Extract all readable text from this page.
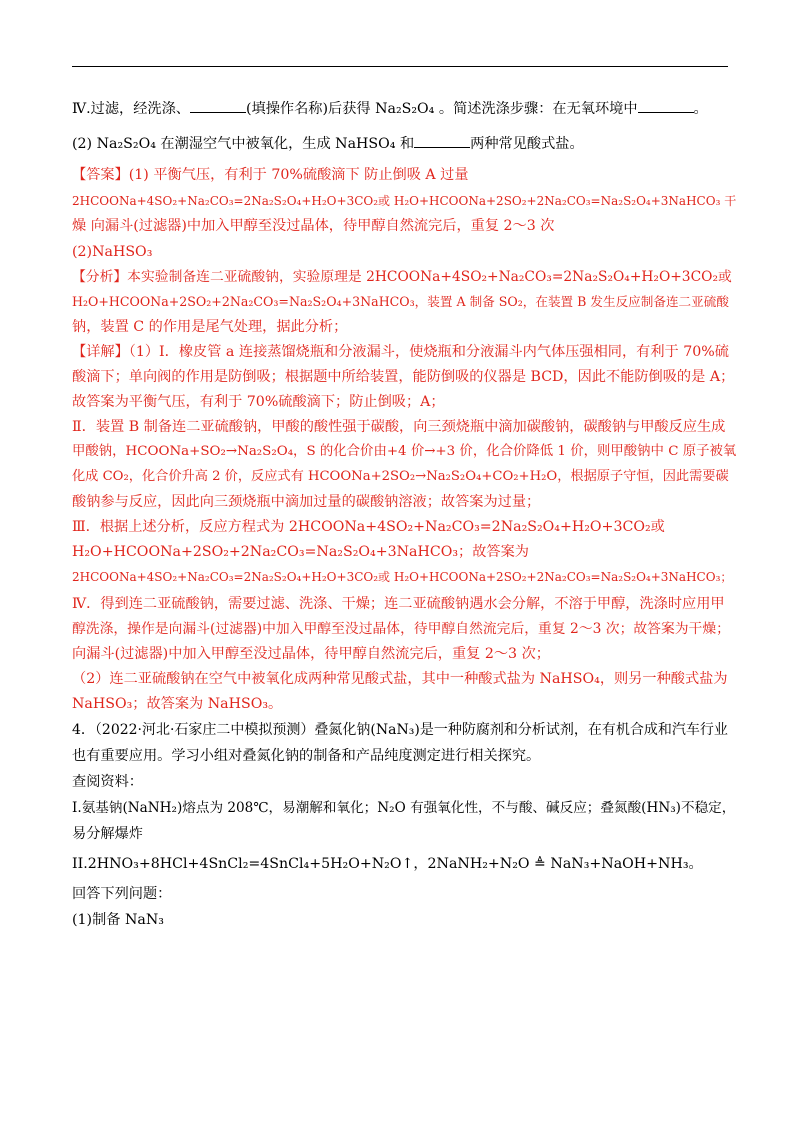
Ⅳ.过滤，经洗涤、	(填操作名称)后获得 Na₂S₂O₄ 。简述洗涤步骤：在无氧环境中	。
(2) Na₂S₂O₄ 在潮湿空气中被氧化，生成 NaHSO₄ 和	两种常见酸式盐。
【答案】(1) 平衡气压，有利于 70%硫酸滴下 防止倒吸 A 过量
2HCOONa+4SO₂+Na₂CO₃=2Na₂S₂O₄+H₂O+3CO₂或 H₂O+HCOONa+2SO₂+2Na₂CO₃=Na₂S₂O₄+3NaHCO₃ 干
燥 向漏斗(过滤器)中加入甲醇至没过晶体，待甲醇自然流完后，重复 2～3 次
(2)NaHSO₃
【分析】本实验制备连二亚硫酸钠，实验原理是 2HCOONa+4SO₂+Na₂CO₃=2Na₂S₂O₄+H₂O+3CO₂或
H₂O+HCOONa+2SO₂+2Na₂CO₃=Na₂S₂O₄+3NaHCO₃，装置 A 制备 SO₂，在装置 B 发生反应制备连二亚硫酸
钠，装置 C 的作用是尾气处理，据此分析；
【详解】（1）Ⅰ．橡皮管 a 连接蒸馏烧瓶和分液漏斗，使烧瓶和分液漏斗内气体压强相同，有利于 70%硫
酸滴下；单向阀的作用是防倒吸；根据题中所给装置，能防倒吸的仪器是 BCD，因此不能防倒吸的是 A；
故答案为平衡气压，有利于 70%硫酸滴下；防止倒吸；A；
Ⅱ．装置 B 制备连二亚硫酸钠，甲酸的酸性强于碳酸，向三颈烧瓶中滴加碳酸钠，碳酸钠与甲酸反应生成
甲酸钠，HCOONa+SO₂→Na₂S₂O₄，S 的化合价由+4 价→+3 价，化合价降低 1 价，则甲酸钠中 C 原子被氧
化成 CO₂，化合价升高 2 价，反应式有 HCOONa+2SO₂→Na₂S₂O₄+CO₂+H₂O，根据原子守恒，因此需要碳
酸钠参与反应，因此向三颈烧瓶中滴加过量的碳酸钠溶液；故答案为过量；
Ⅲ．根据上述分析，反应方程式为 2HCOONa+4SO₂+Na₂CO₃=2Na₂S₂O₄+H₂O+3CO₂或
H₂O+HCOONa+2SO₂+2Na₂CO₃=Na₂S₂O₄+3NaHCO₃；故答案为
2HCOONa+4SO₂+Na₂CO₃=2Na₂S₂O₄+H₂O+3CO₂或 H₂O+HCOONa+2SO₂+2Na₂CO₃=Na₂S₂O₄+3NaHCO₃；
Ⅳ．得到连二亚硫酸钠，需要过滤、洗涤、干燥；连二亚硫酸钠遇水会分解，不溶于甲醇，洗涤时应用甲
醇洗涤，操作是向漏斗(过滤器)中加入甲醇至没过晶体，待甲醇自然流完后，重复 2～3 次；故答案为干燥；
向漏斗(过滤器)中加入甲醇至没过晶体，待甲醇自然流完后，重复 2～3 次；
（2）连二亚硫酸钠在空气中被氧化成两种常见酸式盐，其中一种酸式盐为 NaHSO₄，则另一种酸式盐为
NaHSO₃；故答案为 NaHSO₃。
4．（2022·河北·石家庄二中模拟预测）叠氮化钠(NaN₃)是一种防腐剂和分析试剂，在有机合成和汽车行业
也有重要应用。学习小组对叠氮化钠的制备和产品纯度测定进行相关探究。
查阅资料：
I.氨基钠(NaNH₂)熔点为 208℃，易潮解和氧化；N₂O 有强氧化性，不与酸、碱反应；叠氮酸(HN₃)不稳定，
易分解爆炸
II.2HNO₃+8HCl+4SnCl₂=4SnCl₄+5H₂O+N₂O↑，2NaNH₂+N₂O ≜ NaN₃+NaOH+NH₃。
回答下列问题：
(1)制备 NaN₃
